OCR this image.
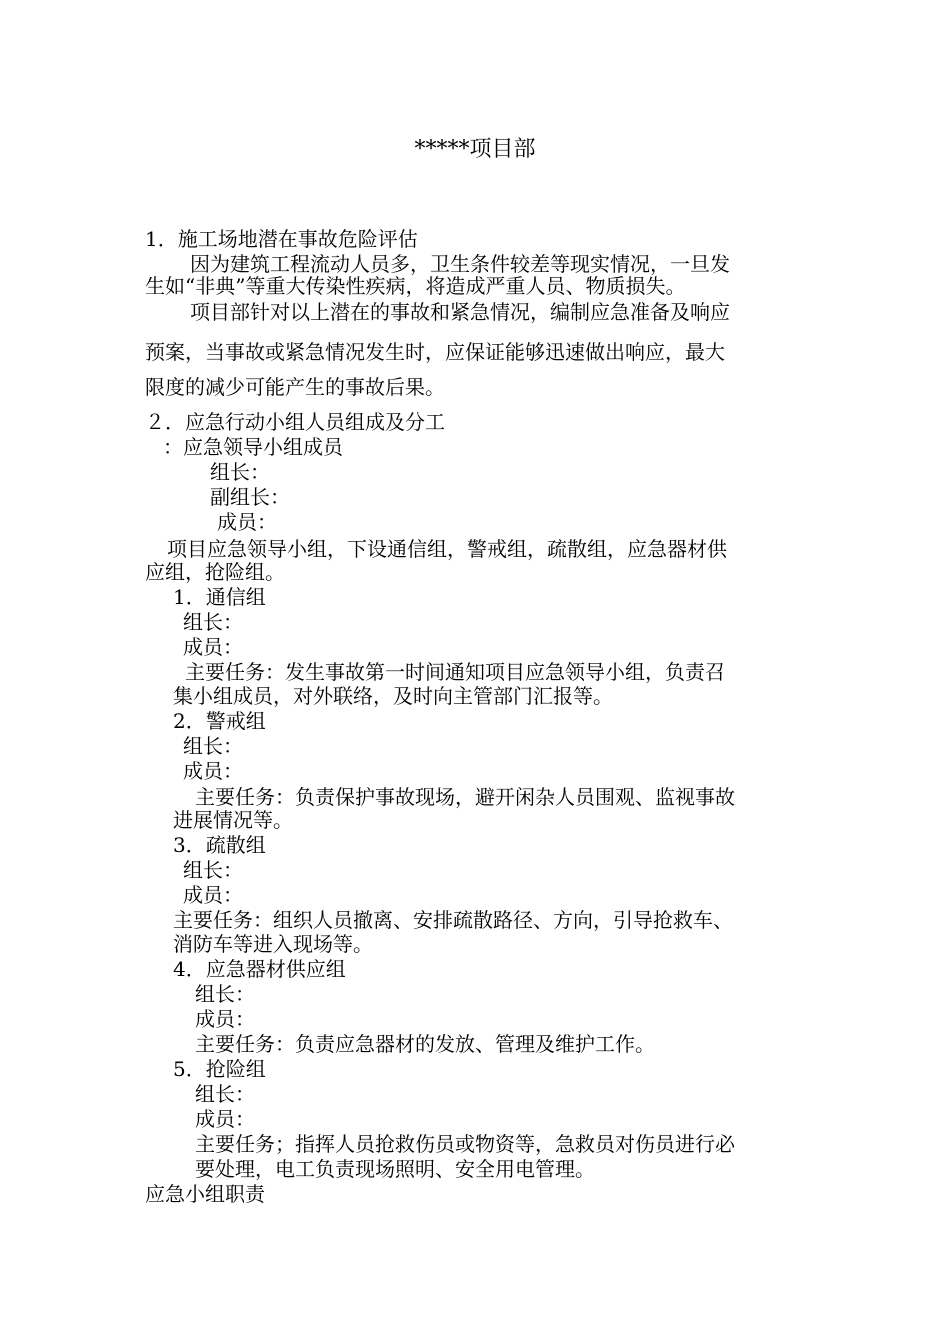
*****项目部
1．施工场地潜在事故危险评估
因为建筑工程流动人员多，卫生条件较差等现实情况，一旦发
生如“非典”等重大传染性疾病，将造成严重人员、物质损失。
项目部针对以上潜在的事故和紧急情况，编制应急准备及响应
预案，当事故或紧急情况发生时，应保证能够迅速做出响应，最大
限度的减少可能产生的事故后果。
２．应急行动小组人员组成及分工
：应急领导小组成员
组长：
副组长：
成员：
项目应急领导小组，下设通信组，警戒组，疏散组，应急器材供
应组，抢险组。
1．通信组
组长：
成员：
主要任务：发生事故第一时间通知项目应急领导小组，负责召
集小组成员，对外联络，及时向主管部门汇报等。
2．警戒组
组长：
成员：
主要任务：负责保护事故现场，避开闲杂人员围观、监视事故
进展情况等。
3．疏散组
组长：
成员：
主要任务：组织人员撤离、安排疏散路径、方向，引导抢救车、
消防车等进入现场等。
4．应急器材供应组
组长：
成员：
主要任务：负责应急器材的发放、管理及维护工作。
5．抢险组
组长：
成员：
主要任务；指挥人员抢救伤员或物资等，急救员对伤员进行必
要处理，电工负责现场照明、安全用电管理。
应急小组职责
